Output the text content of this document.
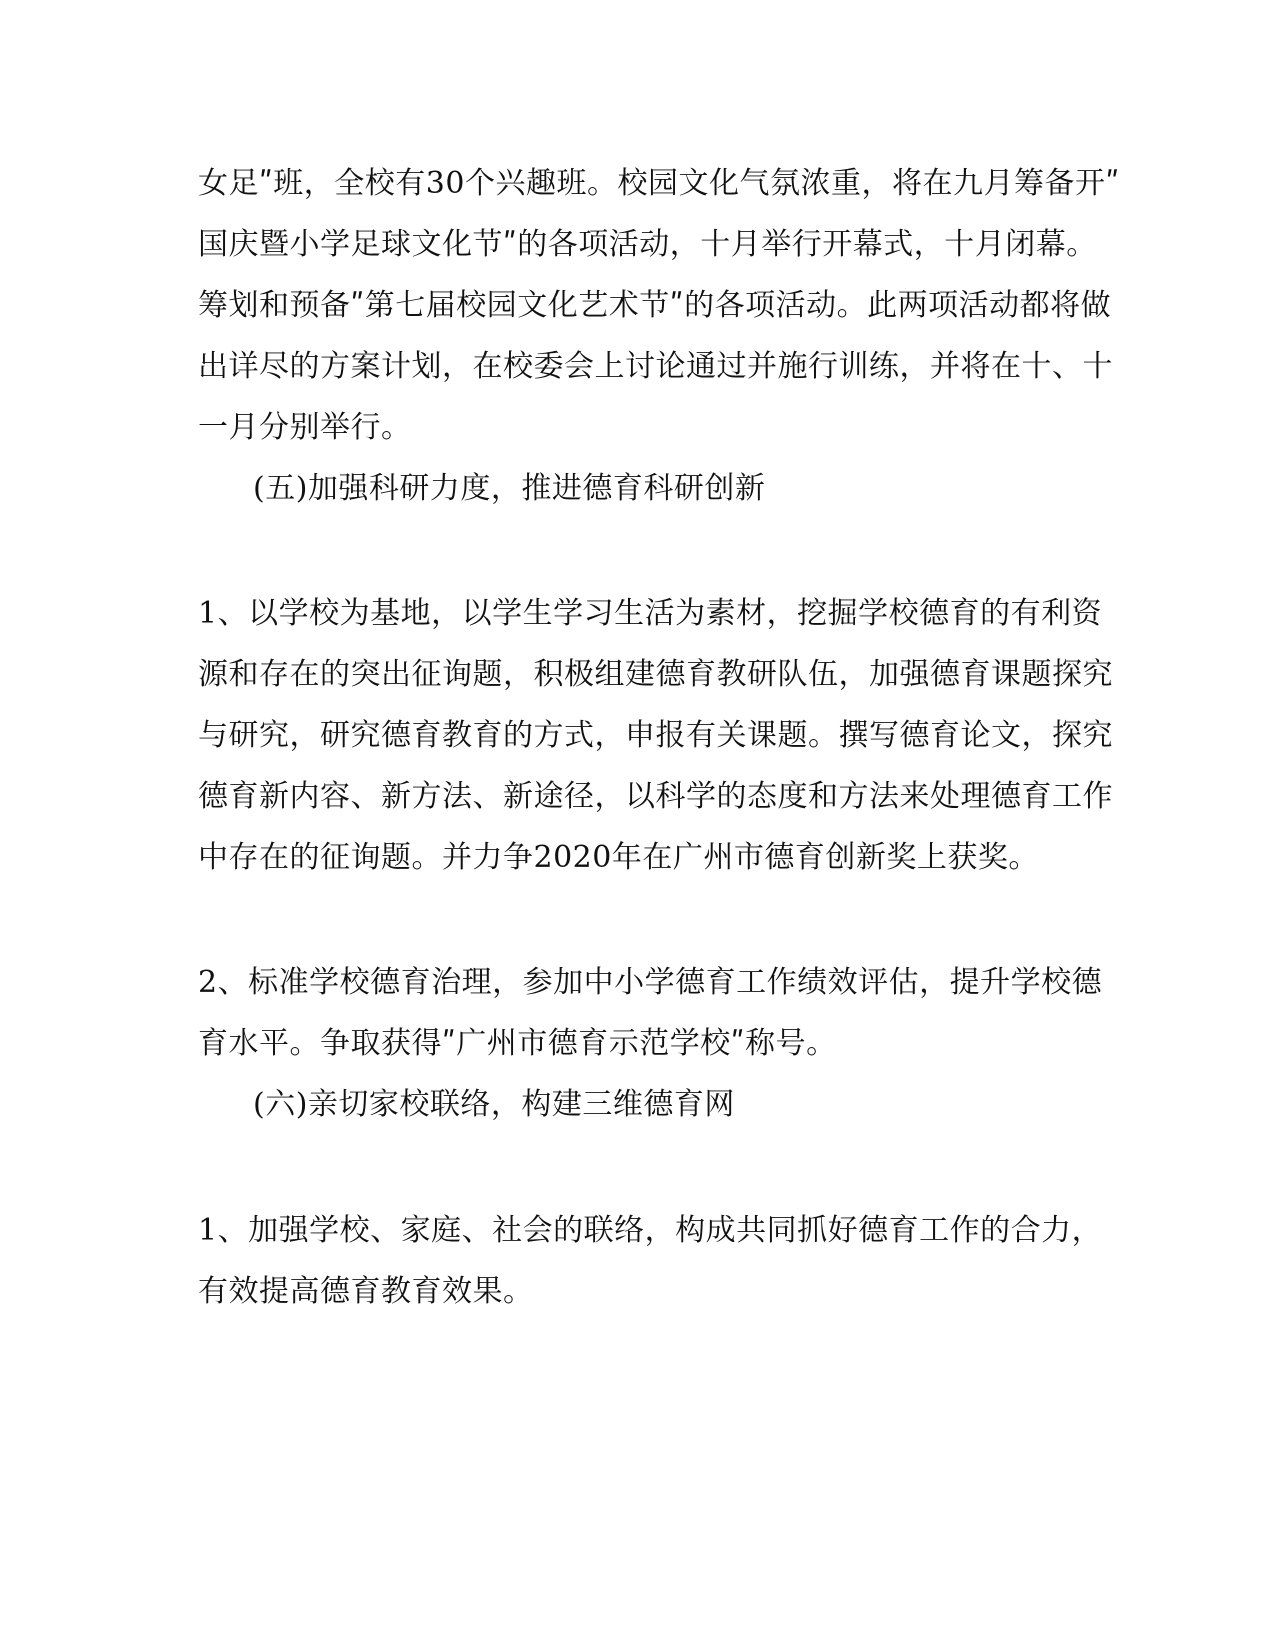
女足ʺ班，全校有30个兴趣班。校园文化气氛浓重，将在九月筹备开ʺ
国庆暨小学足球文化节ʺ的各项活动，十月举行开幕式，十月闭幕。
筹划和预备ʺ第七届校园文化艺术节ʺ的各项活动。此两项活动都将做
出详尽的方案计划，在校委会上讨论通过并施行训练，并将在十、十
一月分别举行。
(五)加强科研力度，推进德育科研创新
1、以学校为基地，以学生学习生活为素材，挖掘学校德育的有利资
源和存在的突出征询题，积极组建德育教研队伍，加强德育课题探究
与研究，研究德育教育的方式，申报有关课题。撰写德育论文，探究
德育新内容、新方法、新途径，以科学的态度和方法来处理德育工作
中存在的征询题。并力争2020年在广州市德育创新奖上获奖。
2、标准学校德育治理，参加中小学德育工作绩效评估，提升学校德
育水平。争取获得ʺ广州市德育示范学校ʺ称号。
(六)亲切家校联络，构建三维德育网
1、加强学校、家庭、社会的联络，构成共同抓好德育工作的合力，
有效提高德育教育效果。
